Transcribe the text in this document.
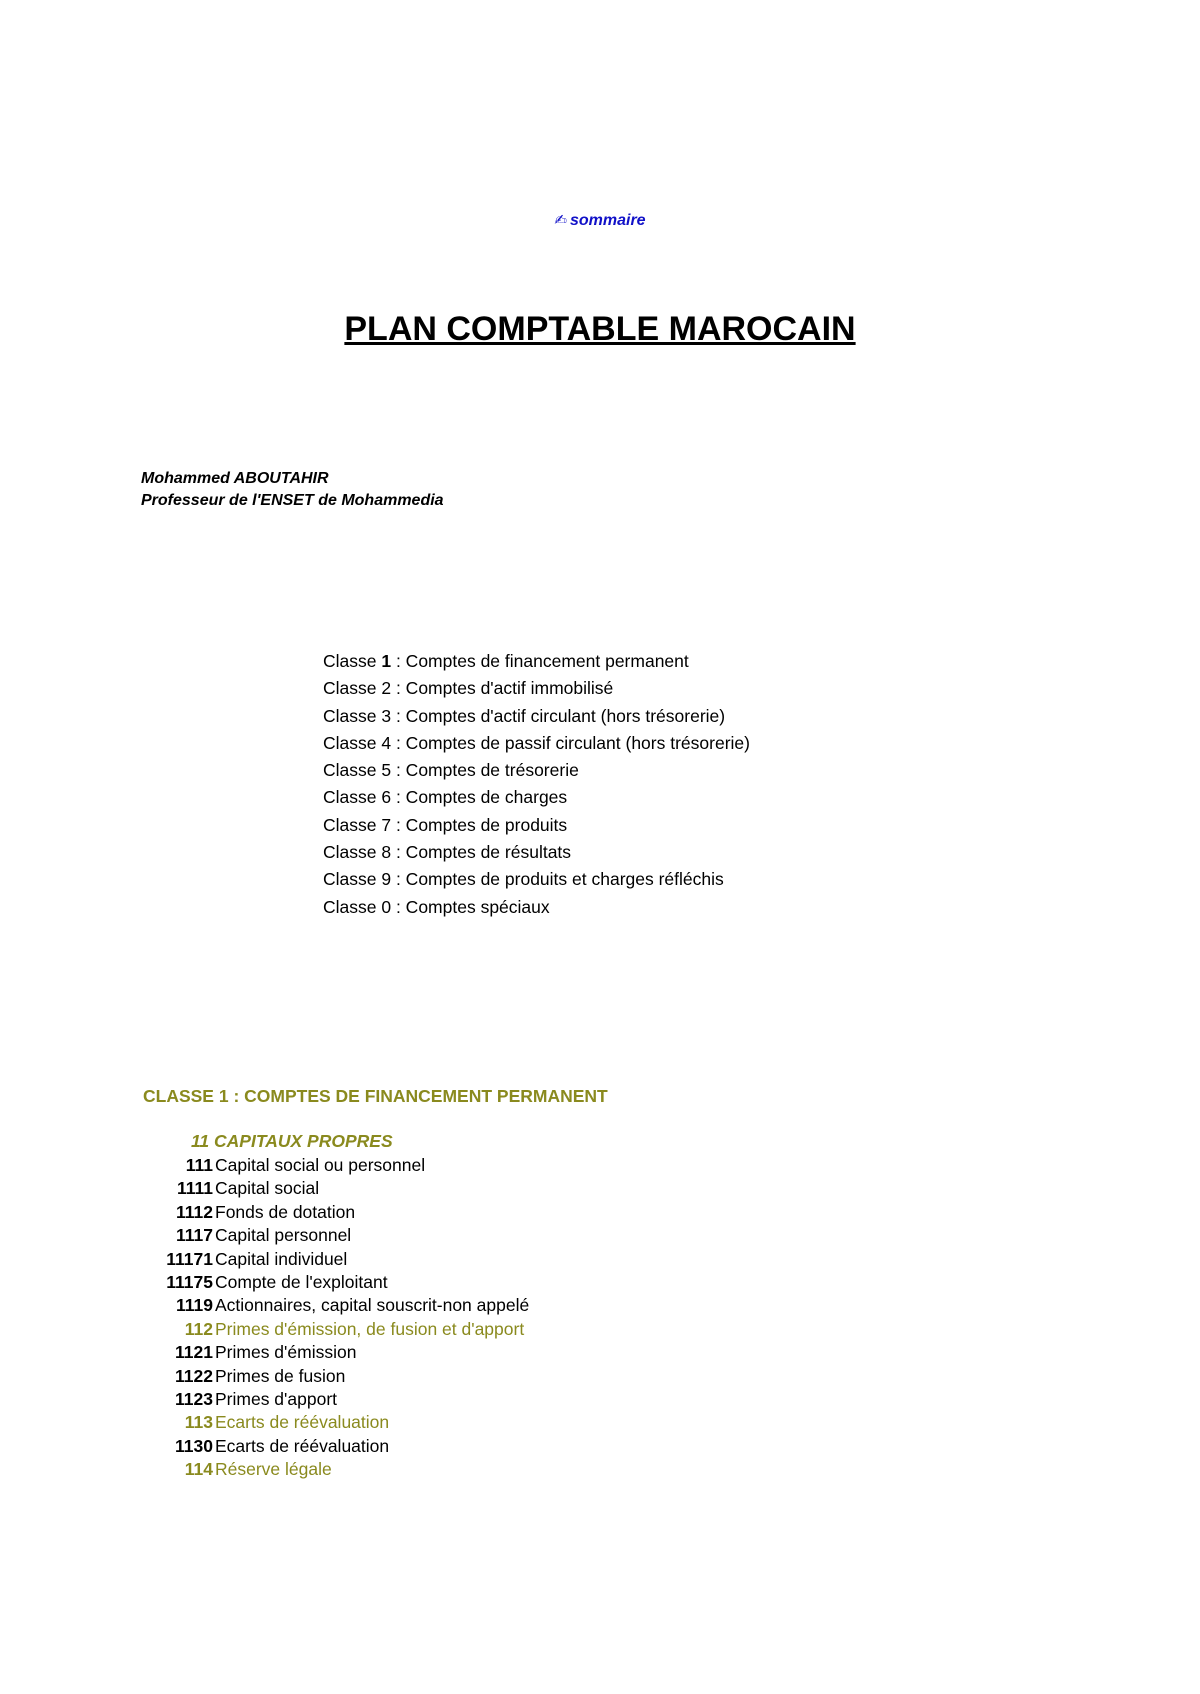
✍ sommaire
PLAN COMPTABLE MAROCAIN
Mohammed ABOUTAHIR
Professeur de l'ENSET de Mohammedia
Classe 1 : Comptes de financement permanent
Classe 2 : Comptes d'actif immobilisé
Classe 3 : Comptes d'actif circulant (hors trésorerie)
Classe 4 : Comptes de passif circulant (hors trésorerie)
Classe 5 : Comptes de trésorerie
Classe 6 : Comptes de charges
Classe 7 : Comptes de produits
Classe 8 : Comptes de résultats
Classe 9 : Comptes de produits et charges réfléchis
Classe 0 : Comptes spéciaux
CLASSE 1 : COMPTES DE FINANCEMENT PERMANENT
11 CAPITAUX PROPRES
111 Capital social ou personnel
1111 Capital social
1112 Fonds de dotation
1117 Capital personnel
11171 Capital individuel
11175 Compte de l'exploitant
1119 Actionnaires, capital souscrit-non appelé
112 Primes d'émission, de fusion et d'apport
1121 Primes d'émission
1122 Primes de fusion
1123 Primes d'apport
113 Ecarts de réévaluation
1130 Ecarts de réévaluation
114 Réserve légale
